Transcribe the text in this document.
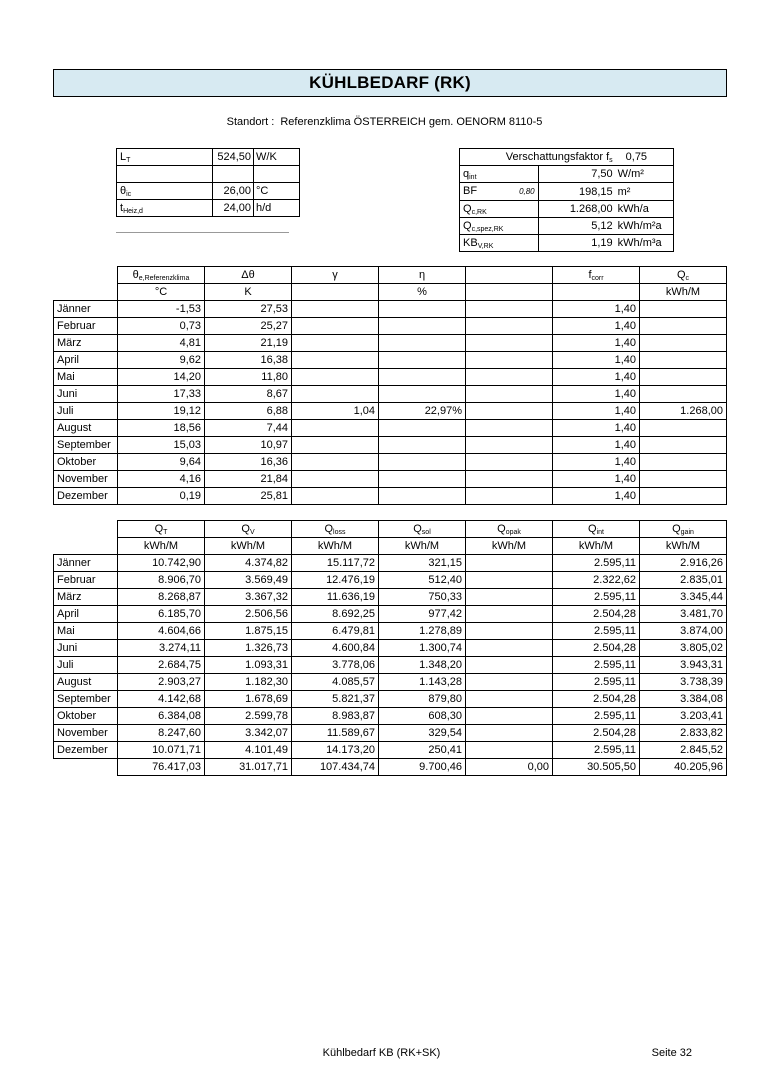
KÜHLBEDARF (RK)
Standort : Referenzklima ÖSTERREICH gem. OENORM 8110-5
$L_T$	524,50	W/K

$\theta_{ic}$	26,00	°C
$t_{Heiz,d}$	24,00	h/d
Verschattungsfaktor $f_s$		0,75
$q_{int}$	7,50	W/m²
BF 0,80	198,15	m²
$Q_{c,RK}$	1.268,00	kWh/a
$Q_{c,spez,RK}$	5,12	kWh/m²a
$KB_{V,RK}$	1,19	kWh/m³a
	$\theta_{e,Referenzklima}$	Δθ	γ	η		$f_{corr}$	$Q_c$
	°C	K		%			kWh/M
Jänner	-1,53	27,53				1,40	
Februar	0,73	25,27				1,40	
März	4,81	21,19				1,40	
April	9,62	16,38				1,40	
Mai	14,20	11,80				1,40	
Juni	17,33	8,67				1,40	
Juli	19,12	6,88	1,04	22,97%		1,40	1.268,00
August	18,56	7,44				1,40	
September	15,03	10,97				1,40	
Oktober	9,64	16,36				1,40	
November	4,16	21,84				1,40	
Dezember	0,19	25,81				1,40	
	$Q_T$	$Q_V$	$Q_{loss}$	$Q_{sol}$	$Q_{opak}$	$Q_{int}$	$Q_{gain}$
	kWh/M	kWh/M	kWh/M	kWh/M	kWh/M	kWh/M	kWh/M
Jänner	10.742,90	4.374,82	15.117,72	321,15		2.595,11	2.916,26
Februar	8.906,70	3.569,49	12.476,19	512,40		2.322,62	2.835,01
März	8.268,87	3.367,32	11.636,19	750,33		2.595,11	3.345,44
April	6.185,70	2.506,56	8.692,25	977,42		2.504,28	3.481,70
Mai	4.604,66	1.875,15	6.479,81	1.278,89		2.595,11	3.874,00
Juni	3.274,11	1.326,73	4.600,84	1.300,74		2.504,28	3.805,02
Juli	2.684,75	1.093,31	3.778,06	1.348,20		2.595,11	3.943,31
August	2.903,27	1.182,30	4.085,57	1.143,28		2.595,11	3.738,39
September	4.142,68	1.678,69	5.821,37	879,80		2.504,28	3.384,08
Oktober	6.384,08	2.599,78	8.983,87	608,30		2.595,11	3.203,41
November	8.247,60	3.342,07	11.589,67	329,54		2.504,28	2.833,82
Dezember	10.071,71	4.101,49	14.173,20	250,41		2.595,11	2.845,52
	76.417,03	31.017,71	107.434,74	9.700,46	0,00	30.505,50	40.205,96
Kühlbedarf KB (RK+SK)	Seite 32
